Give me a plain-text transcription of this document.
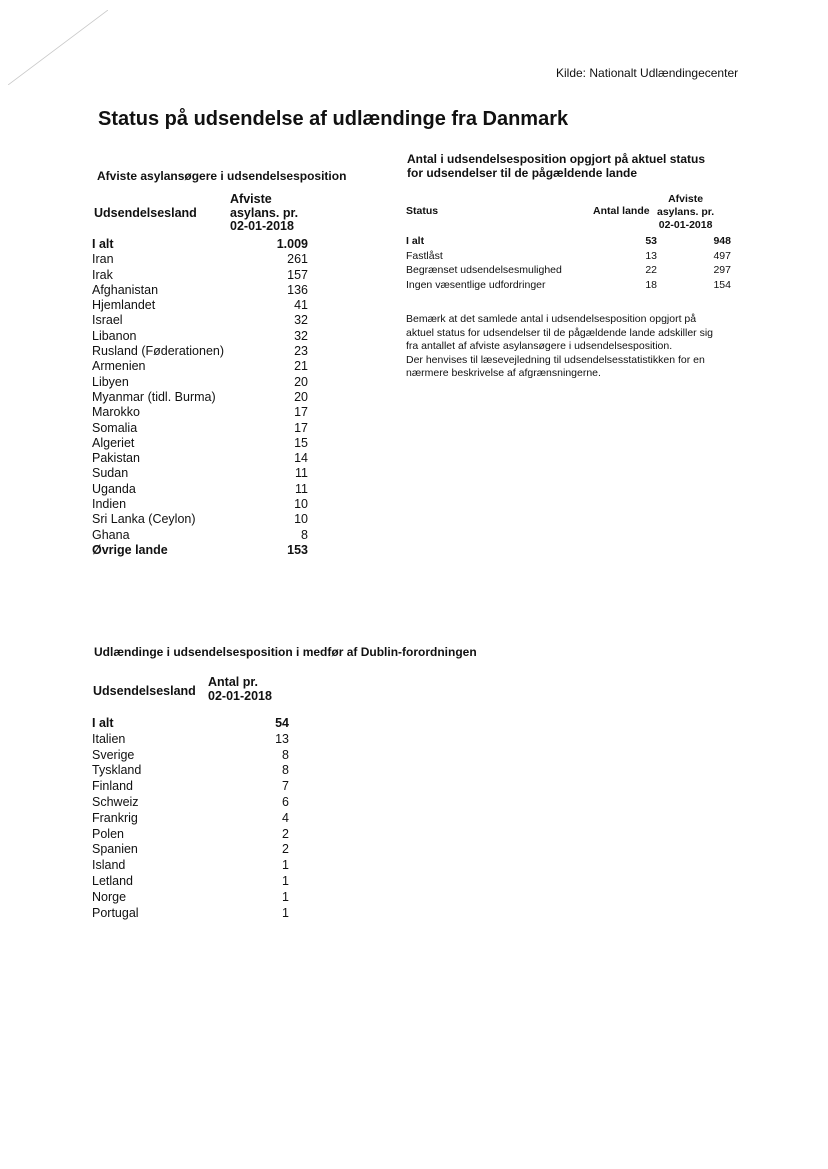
Kilde: Nationalt Udlændingecenter
Status på udsendelse af udlændinge fra Danmark
Afviste asylansøgere i udsendelsesposition
Udsendelsesland
Afviste
asylans. pr.
02-01-2018
I alt	1.009
Iran	261
Irak	157
Afghanistan	136
Hjemlandet	41
Israel	32
Libanon	32
Rusland (Føderationen)	23
Armenien	21
Libyen	20
Myanmar (tidl. Burma)	20
Marokko	17
Somalia	17
Algeriet	15
Pakistan	14
Sudan	11
Uganda	11
Indien	10
Sri Lanka (Ceylon)	10
Ghana	8
Øvrige lande	153
Antal i udsendelsesposition opgjort på aktuel status
for udsendelser til de pågældende lande
Status	Antal lande
Afviste
asylans. pr.
02-01-2018
I alt	53	948
Fastlåst	13	497
Begrænset udsendelsesmulighed	22	297
Ingen væsentlige udfordringer	18	154

Bemærk at det samlede antal i udsendelsesposition opgjort på aktuel status for udsendelser til de pågældende lande adskiller sig fra antallet af afviste asylansøgere i udsendelsesposition.

Der henvises til læsevejledning til udsendelsesstatistikken for en nærmere beskrivelse af afgrænsningerne.

Udlændinge i udsendelsesposition i medfør af Dublin-forordningen
Udsendelsesland
Antal pr.
02-01-2018
I alt	54
Italien	13
Sverige	8
Tyskland	8
Finland	7
Schweiz	6
Frankrig	4
Polen	2
Spanien	2
Island	1
Letland	1
Norge	1
Portugal	1
